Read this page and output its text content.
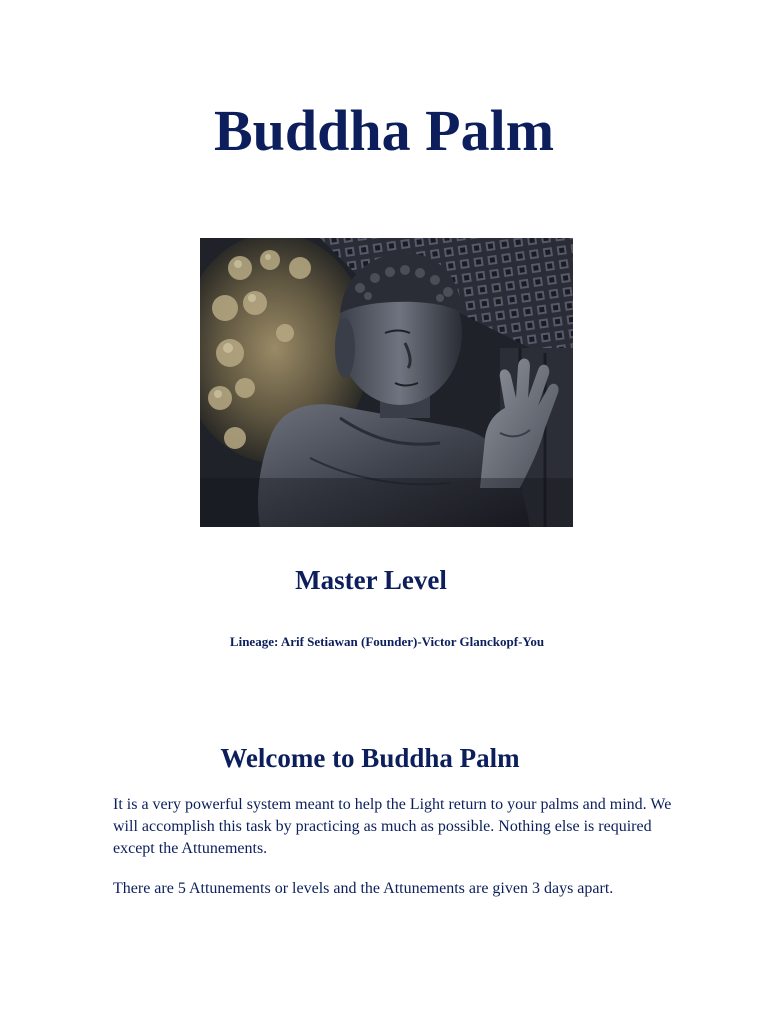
Buddha Palm
Master Level

Lineage: Arif Setiawan (Founder)-Victor Glanckopf-You

Welcome to Buddha Palm

It is a very powerful system meant to help the Light return to your palms and mind. We will accomplish this task by practicing as much as possible. Nothing else is required except the Attunements.

There are 5 Attunements or levels and the Attunements are given 3 days apart.
